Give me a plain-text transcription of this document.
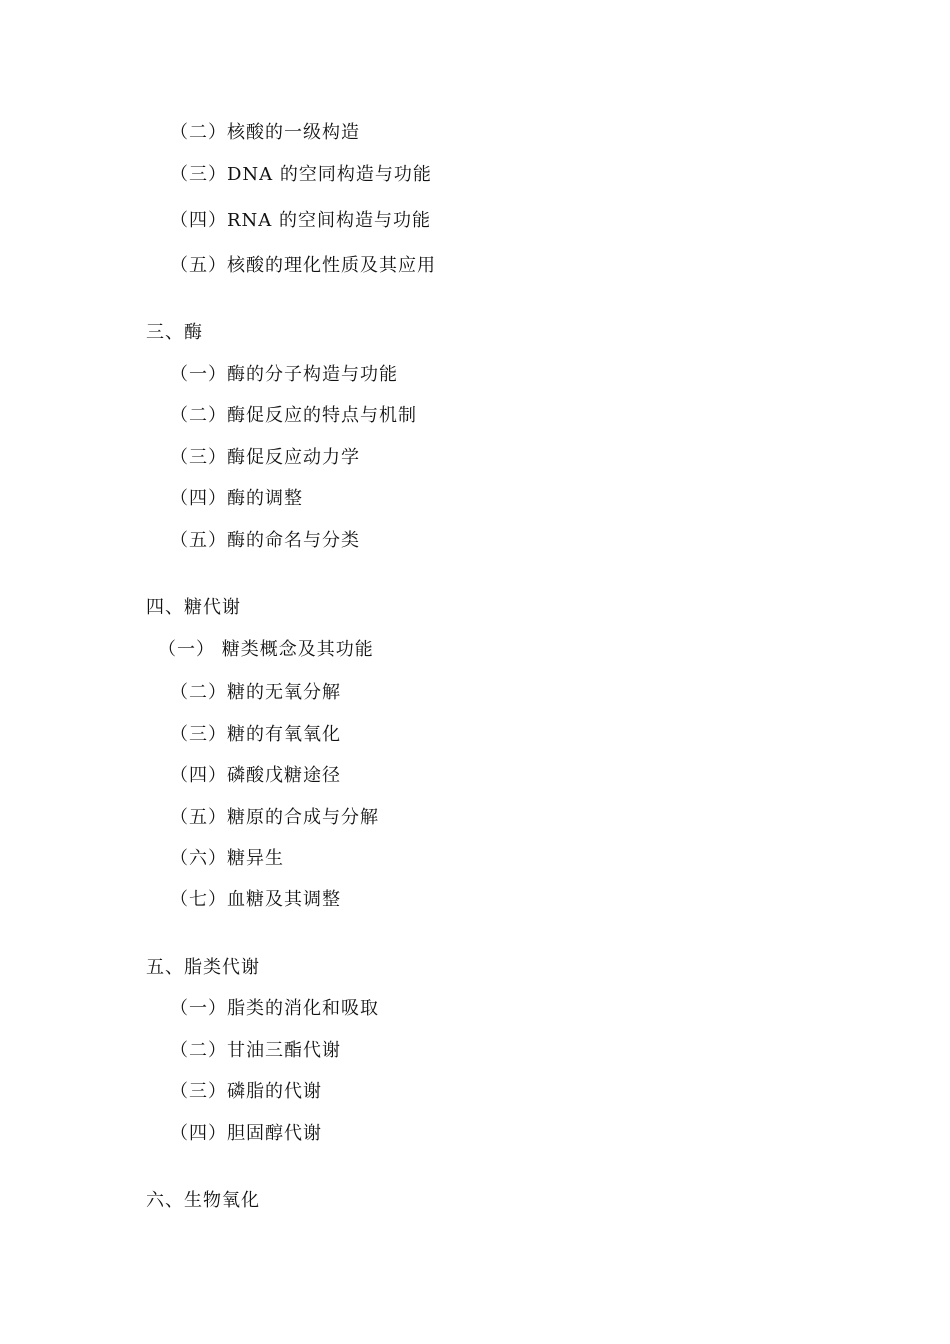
（二）核酸的一级构造
（三）DNA 的空同构造与功能
（四）RNA 的空间构造与功能
（五）核酸的理化性质及其应用
三、酶
（一）酶的分子构造与功能
（二）酶促反应的特点与机制
（三）酶促反应动力学
（四）酶的调整
（五）酶的命名与分类
四、糖代谢
（一） 糖类概念及其功能
（二）糖的无氧分解
（三）糖的有氧氧化
（四）磷酸戊糖途径
（五）糖原的合成与分解
（六）糖异生
（七）血糖及其调整
五、脂类代谢
（一）脂类的消化和吸取
（二）甘油三酯代谢
（三）磷脂的代谢
（四）胆固醇代谢
六、生物氧化
